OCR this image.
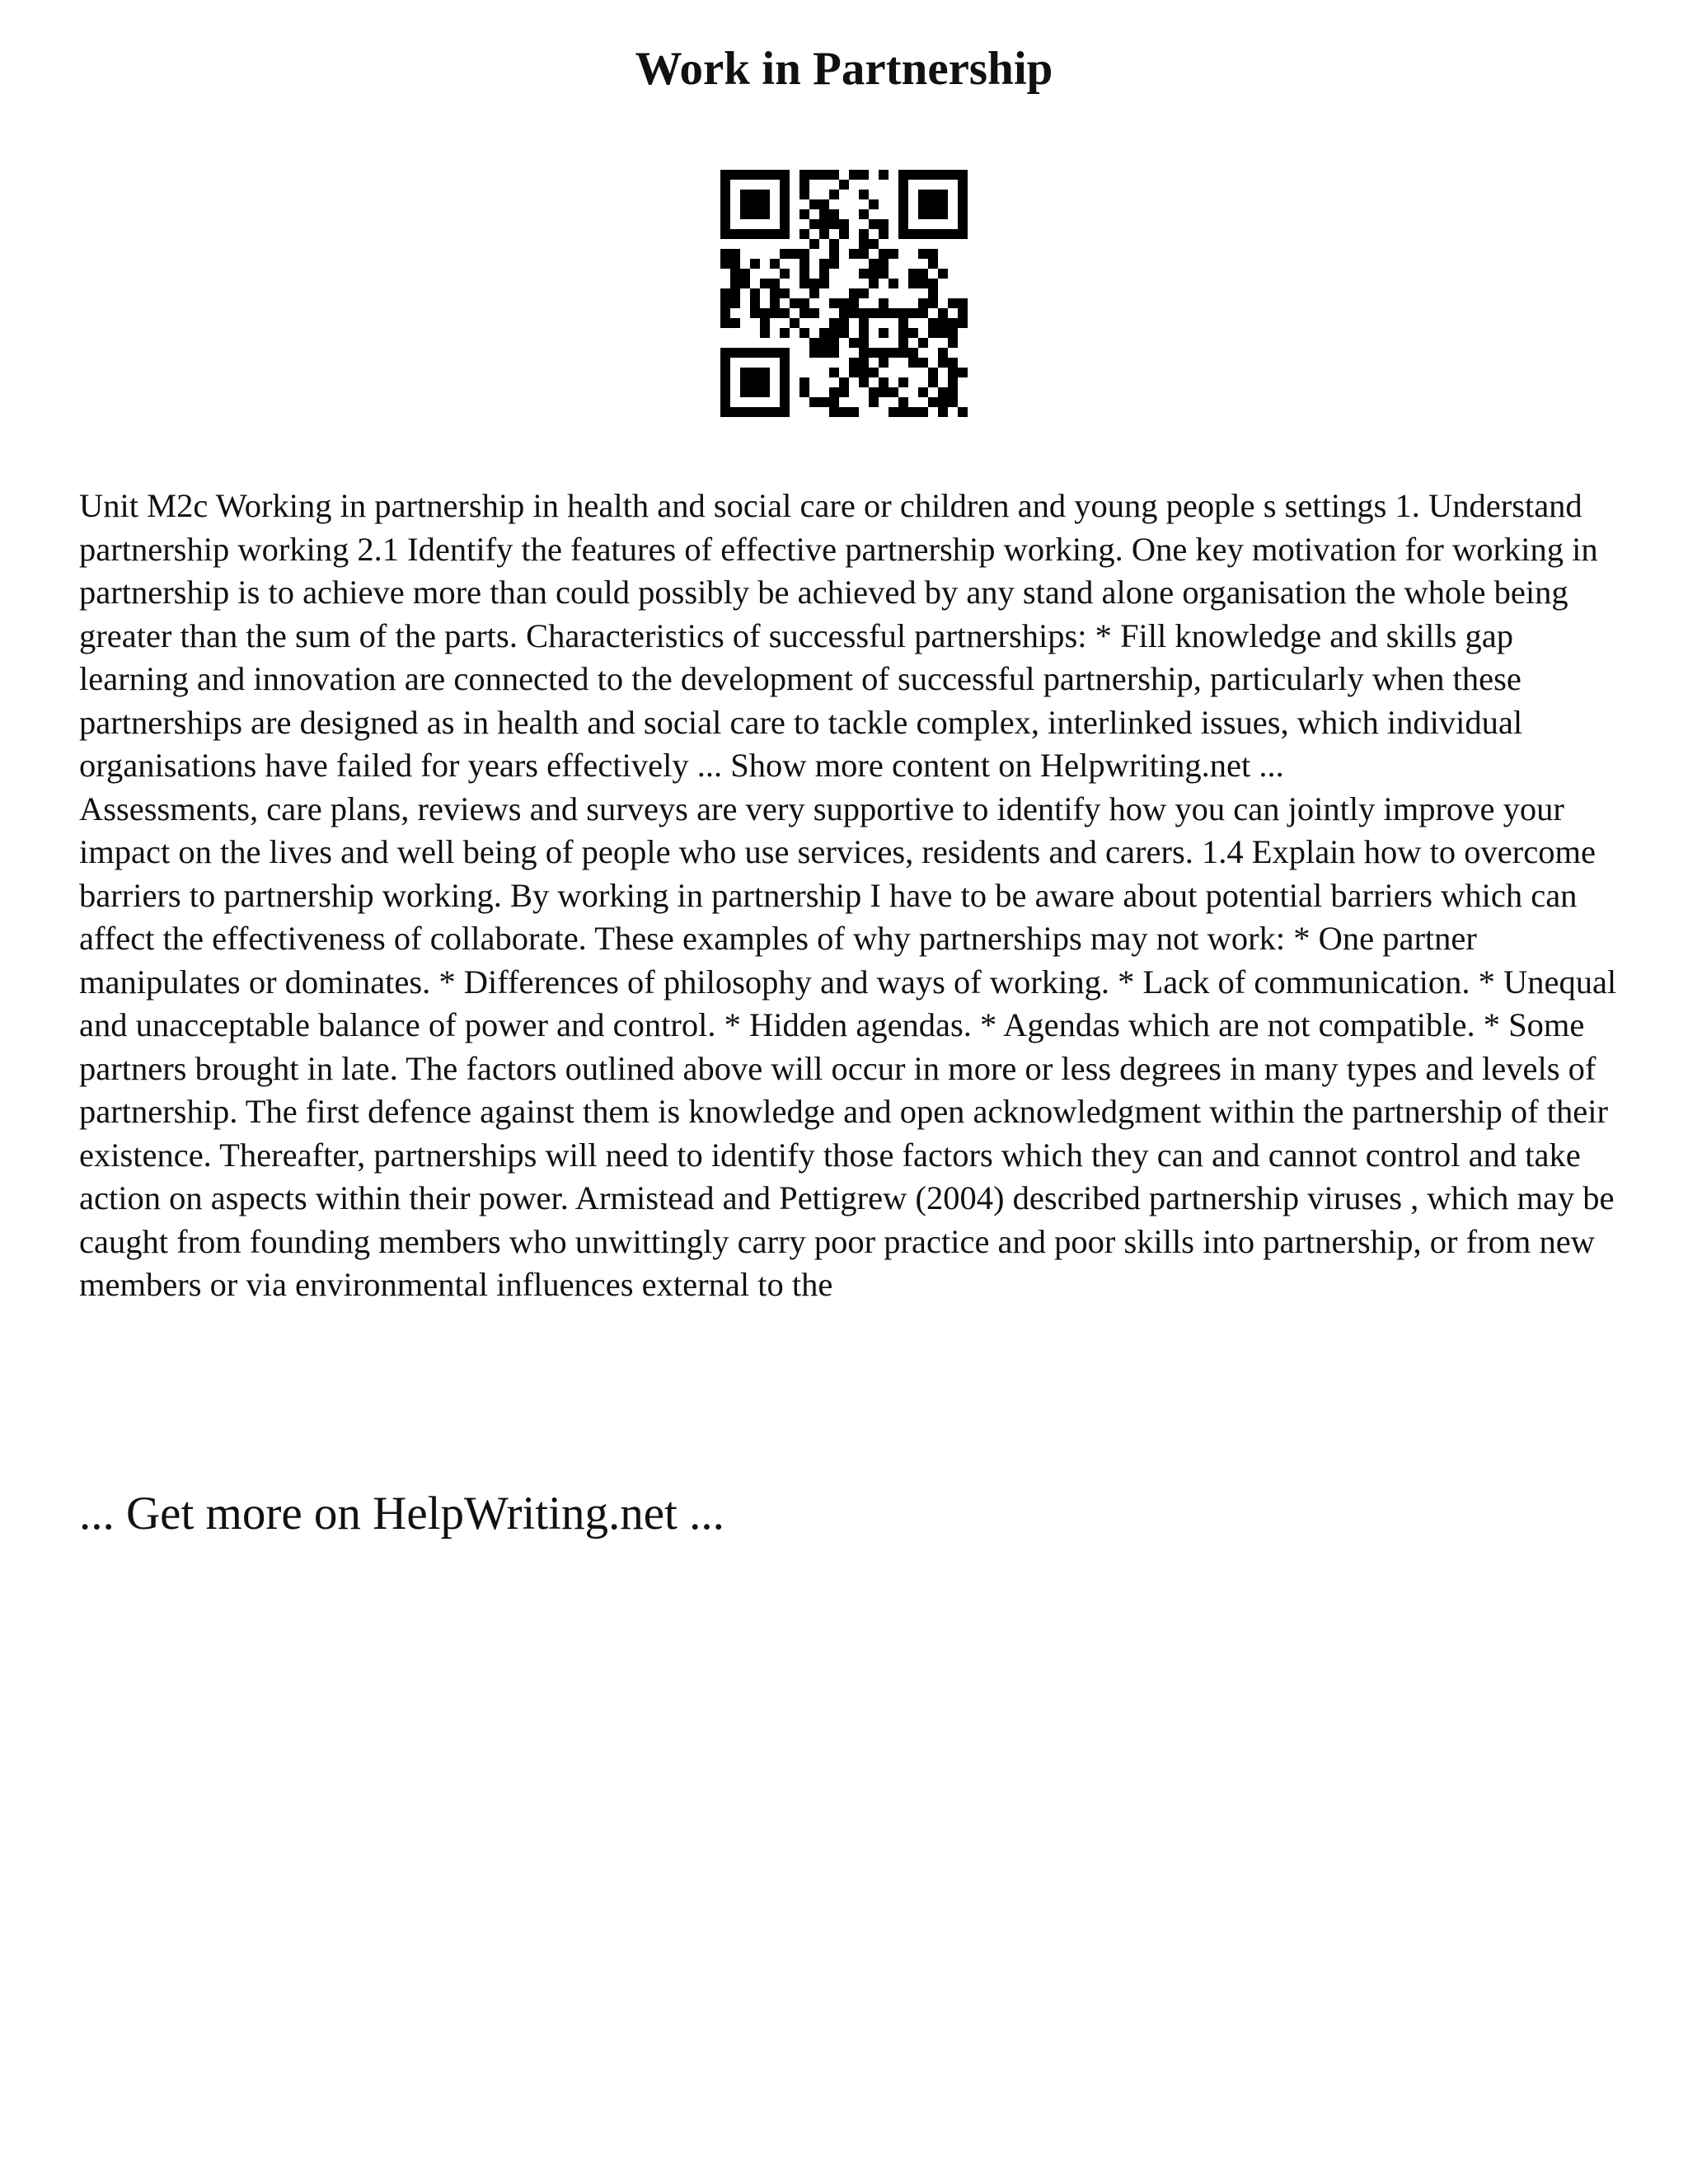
Work in Partnership

Unit M2c Working in partnership in health and social care or children and young people s settings 1. Understand partnership working 2.1 Identify the features of effective partnership working. One key motivation for working in partnership is to achieve more than could possibly be achieved by any stand alone organisation the whole being greater than the sum of the parts. Characteristics of successful partnerships: * Fill knowledge and skills gap learning and innovation are connected to the development of successful partnership, particularly when these partnerships are designed as in health and social care to tackle complex, interlinked issues, which individual organisations have failed for years effectively ... Show more content on Helpwriting.net ...

Assessments, care plans, reviews and surveys are very supportive to identify how you can jointly improve your impact on the lives and well being of people who use services, residents and carers. 1.4 Explain how to overcome barriers to partnership working. By working in partnership I have to be aware about potential barriers which can affect the effectiveness of collaborate. These examples of why partnerships may not work: * One partner manipulates or dominates. * Differences of philosophy and ways of working. * Lack of communication. * Unequal and unacceptable balance of power and control. * Hidden agendas. * Agendas which are not compatible. * Some partners brought in late. The factors outlined above will occur in more or less degrees in many types and levels of partnership. The first defence against them is knowledge and open acknowledgment within the partnership of their existence. Thereafter, partnerships will need to identify those factors which they can and cannot control and take action on aspects within their power. Armistead and Pettigrew (2004) described partnership viruses , which may be caught from founding members who unwittingly carry poor practice and poor skills into partnership, or from new members or via environmental influences external to the

... Get more on HelpWriting.net ...
